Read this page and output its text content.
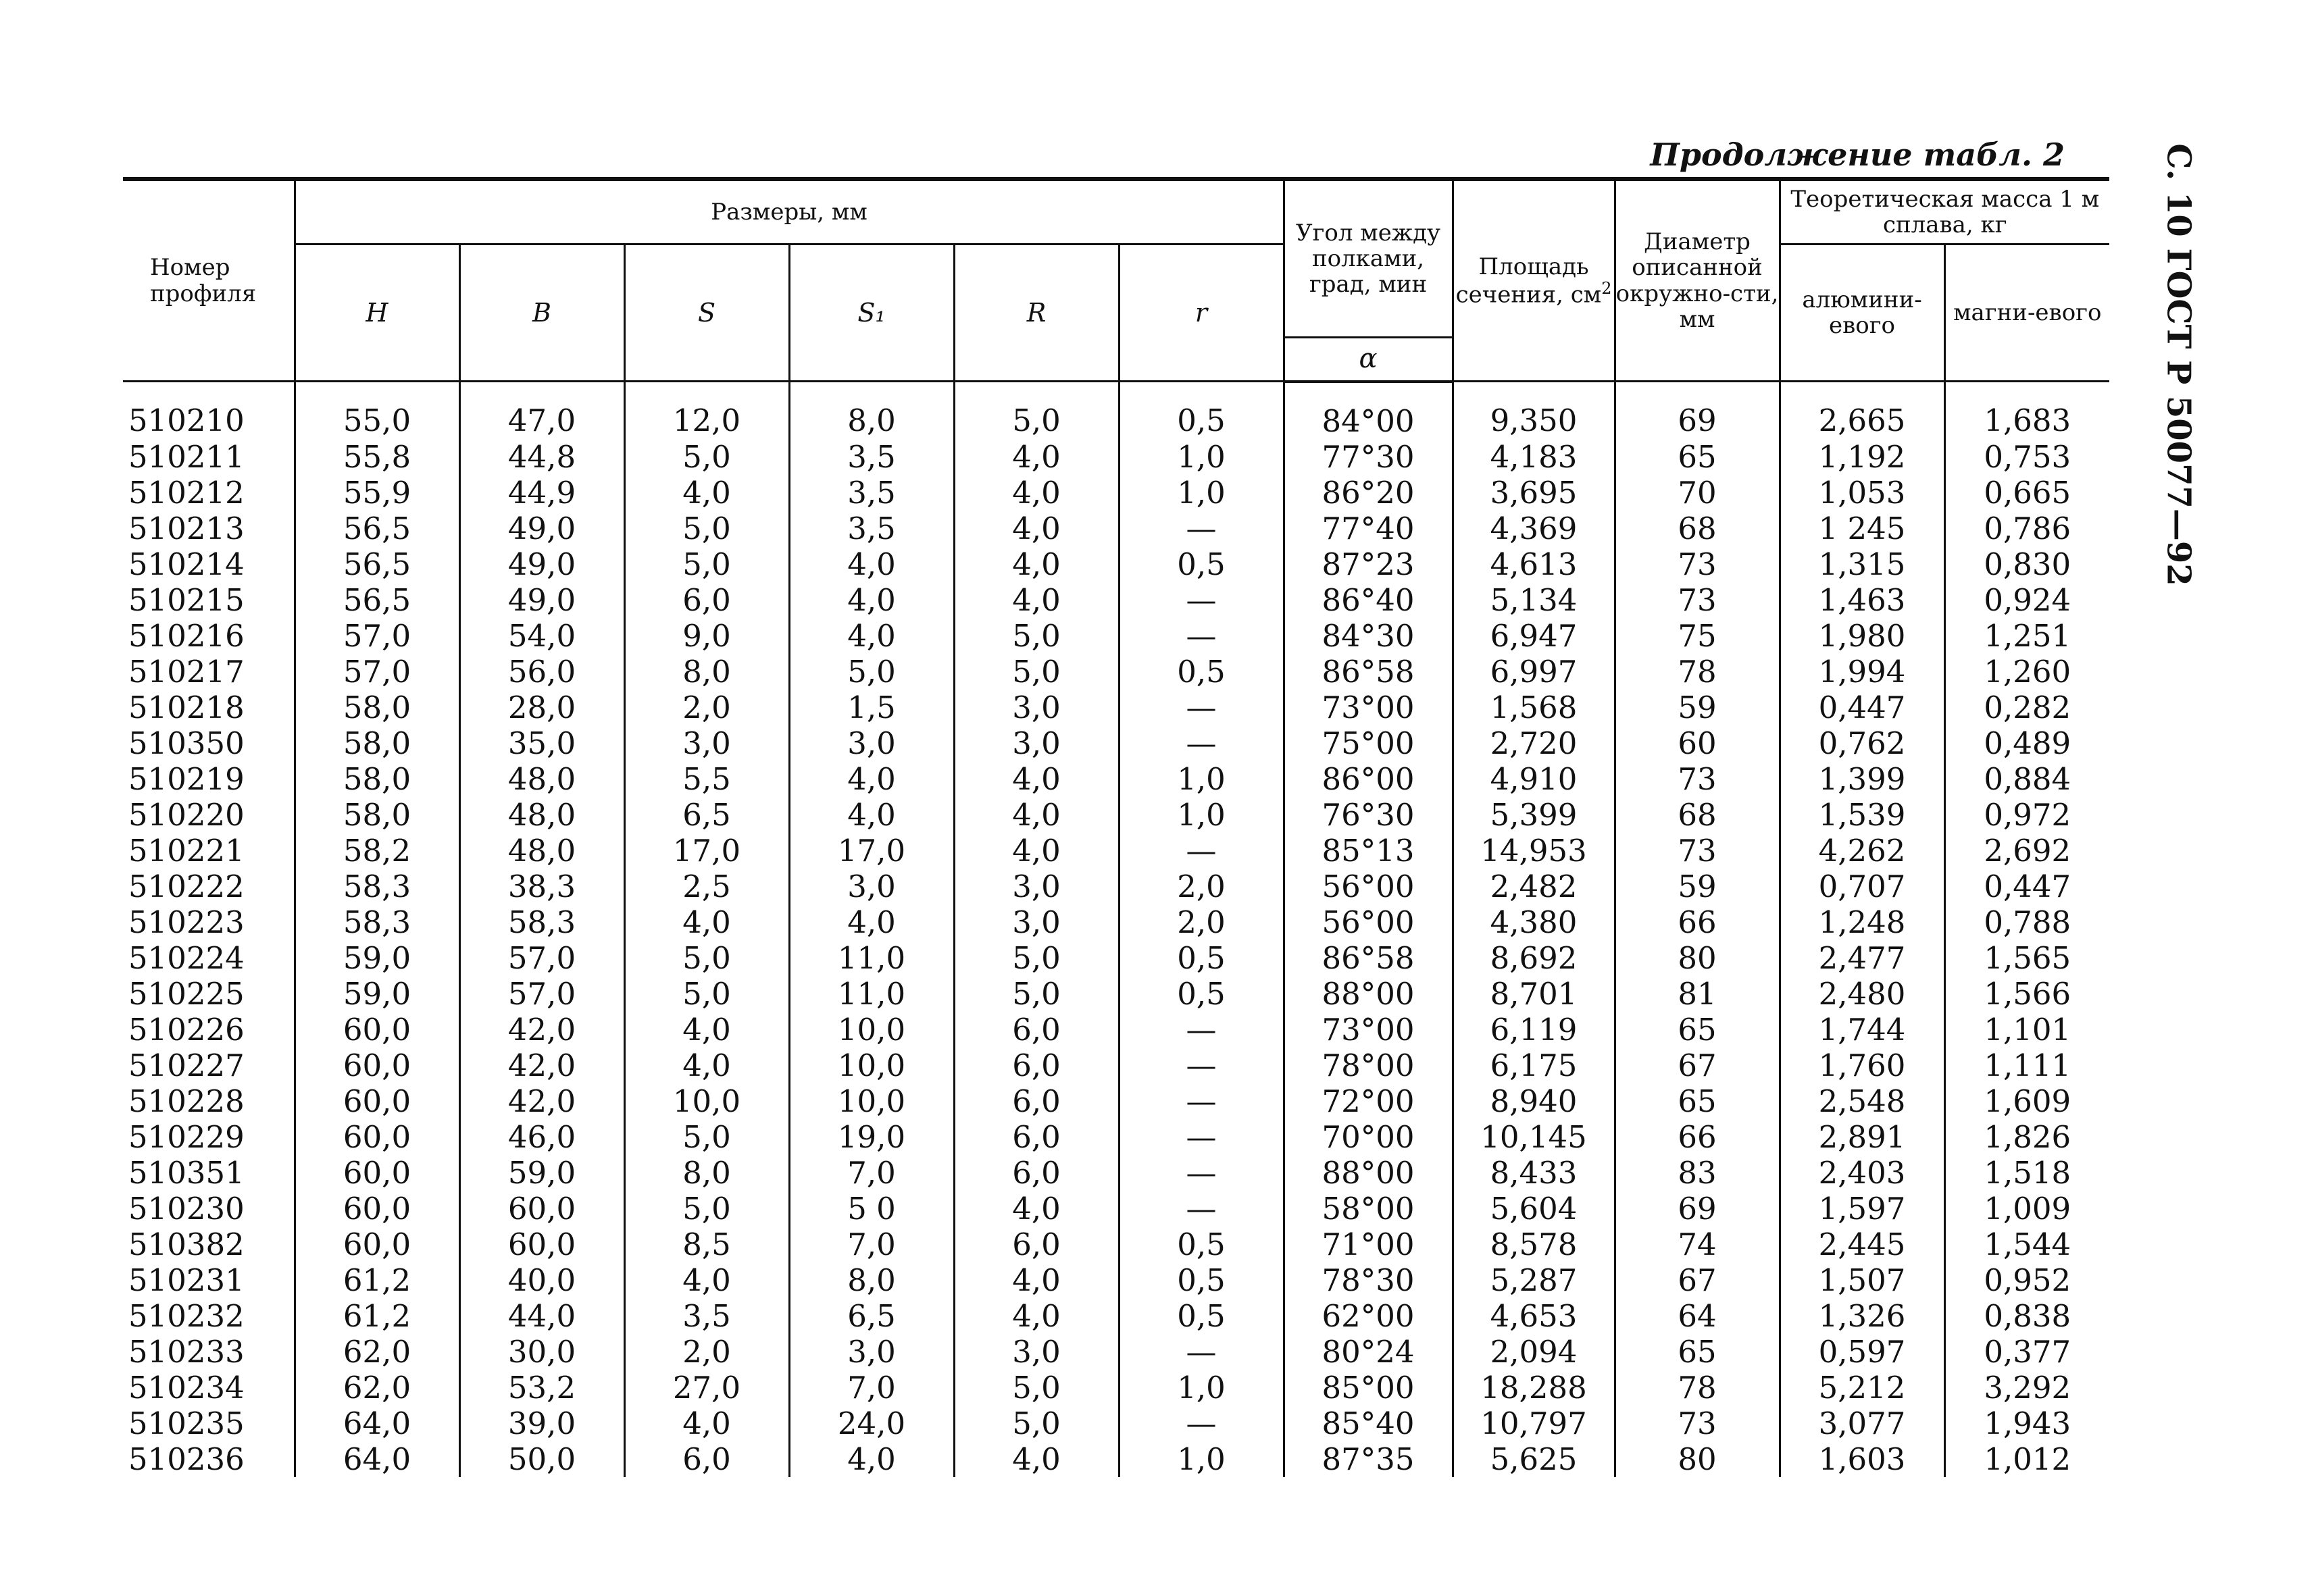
Продолжение табл. 2	С. 10 ГОСТ Р 50077—92
Номер профиля	Размеры, мм						Угол между полками, град, мин	Площадь сечения, $см^2$	Диаметр описанной окружно-сти, мм	Теоретическая масса 1 м сплава, кг	
	H	B	S	S₁	R	r				алюмини-евого	магни-евого
							α				
510210	55,0	47,0	12,0	8,0	5,0	0,5	84°00	9,350	69	2,665	1,683
510211	55,8	44,8	5,0	3,5	4,0	1,0	77°30	4,183	65	1,192	0,753
510212	55,9	44,9	4,0	3,5	4,0	1,0	86°20	3,695	70	1,053	0,665
510213	56,5	49,0	5,0	3,5	4,0	—	77°40	4,369	68	1 245	0,786
510214	56,5	49,0	5,0	4,0	4,0	0,5	87°23	4,613	73	1,315	0,830
510215	56,5	49,0	6,0	4,0	4,0	—	86°40	5,134	73	1,463	0,924
510216	57,0	54,0	9,0	4,0	5,0	—	84°30	6,947	75	1,980	1,251
510217	57,0	56,0	8,0	5,0	5,0	0,5	86°58	6,997	78	1,994	1,260
510218	58,0	28,0	2,0	1,5	3,0	—	73°00	1,568	59	0,447	0,282
510350	58,0	35,0	3,0	3,0	3,0	—	75°00	2,720	60	0,762	0,489
510219	58,0	48,0	5,5	4,0	4,0	1,0	86°00	4,910	73	1,399	0,884
510220	58,0	48,0	6,5	4,0	4,0	1,0	76°30	5,399	68	1,539	0,972
510221	58,2	48,0	17,0	17,0	4,0	—	85°13	14,953	73	4,262	2,692
510222	58,3	38,3	2,5	3,0	3,0	2,0	56°00	2,482	59	0,707	0,447
510223	58,3	58,3	4,0	4,0	3,0	2,0	56°00	4,380	66	1,248	0,788
510224	59,0	57,0	5,0	11,0	5,0	0,5	86°58	8,692	80	2,477	1,565
510225	59,0	57,0	5,0	11,0	5,0	0,5	88°00	8,701	81	2,480	1,566
510226	60,0	42,0	4,0	10,0	6,0	—	73°00	6,119	65	1,744	1,101
510227	60,0	42,0	4,0	10,0	6,0	—	78°00	6,175	67	1,760	1,111
510228	60,0	42,0	10,0	10,0	6,0	—	72°00	8,940	65	2,548	1,609
510229	60,0	46,0	5,0	19,0	6,0	—	70°00	10,145	66	2,891	1,826
510351	60,0	59,0	8,0	7,0	6,0	—	88°00	8,433	83	2,403	1,518
510230	60,0	60,0	5,0	5 0	4,0	—	58°00	5,604	69	1,597	1,009
510382	60,0	60,0	8,5	7,0	6,0	0,5	71°00	8,578	74	2,445	1,544
510231	61,2	40,0	4,0	8,0	4,0	0,5	78°30	5,287	67	1,507	0,952
510232	61,2	44,0	3,5	6,5	4,0	0,5	62°00	4,653	64	1,326	0,838
510233	62,0	30,0	2,0	3,0	3,0	—	80°24	2,094	65	0,597	0,377
510234	62,0	53,2	27,0	7,0	5,0	1,0	85°00	18,288	78	5,212	3,292
510235	64,0	39,0	4,0	24,0	5,0	—	85°40	10,797	73	3,077	1,943
510236	64,0	50,0	6,0	4,0	4,0	1,0	87°35	5,625	80	1,603	1,012
